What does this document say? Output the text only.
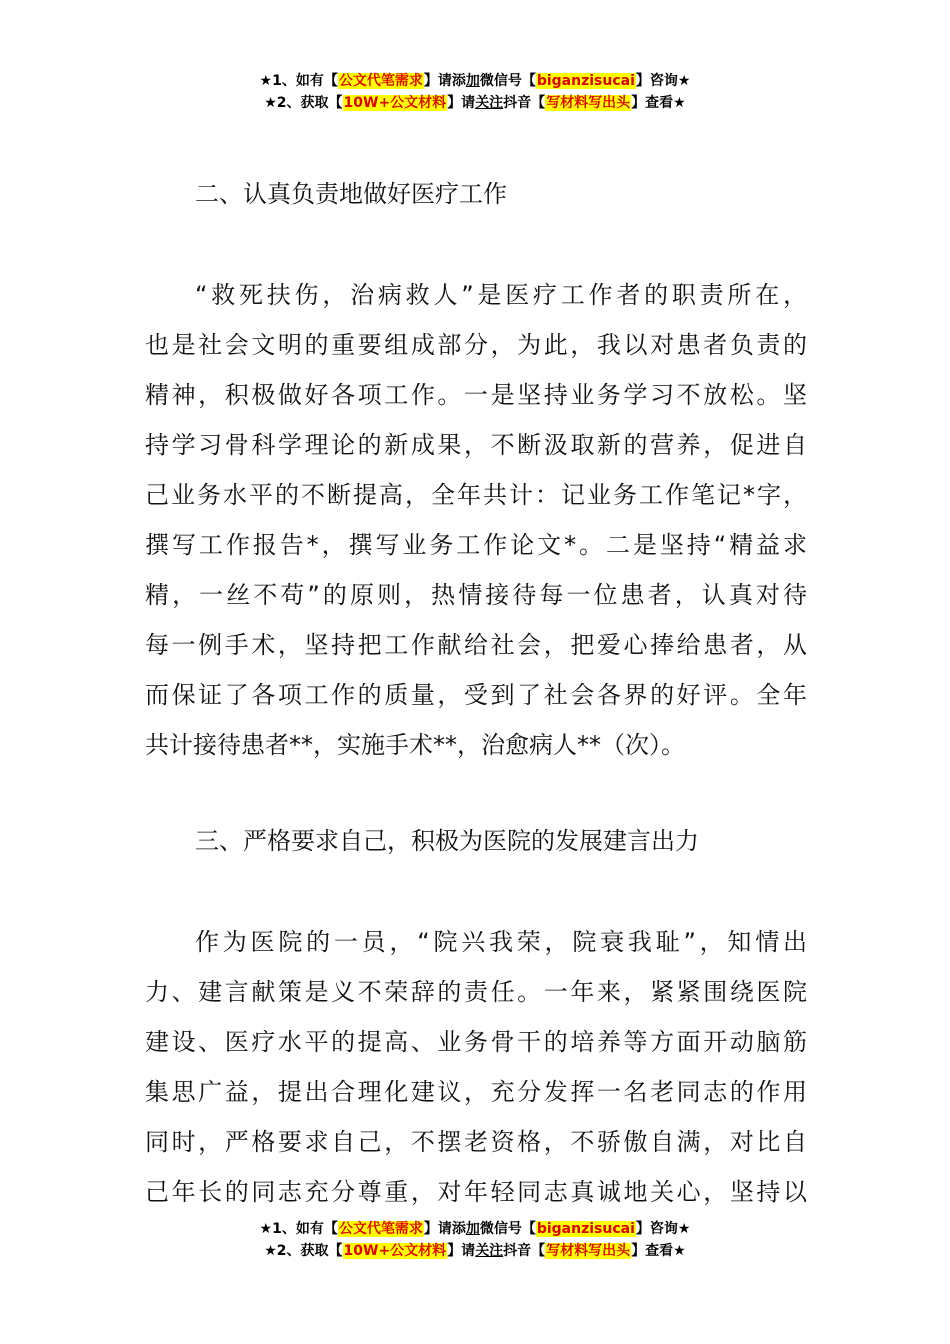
★1、如有【公文代笔需求】请添加微信号【biganzisucai】咨询★
★2、获取【10W+公文材料】请关注抖音【写材料写出头】查看★
二、认真负责地做好医疗工作
“救死扶伤，治病救人”是医疗工作者的职责所在，
也是社会文明的重要组成部分，为此，我以对患者负责的
精神，积极做好各项工作。一是坚持业务学习不放松。坚
持学习骨科学理论的新成果，不断汲取新的营养，促进自
己业务水平的不断提高，全年共计：记业务工作笔记*字，
撰写工作报告*，撰写业务工作论文*。二是坚持“精益求
精，一丝不苟”的原则，热情接待每一位患者，认真对待
每一例手术，坚持把工作献给社会，把爱心捧给患者，从
而保证了各项工作的质量，受到了社会各界的好评。全年
共计接待患者**，实施手术**，治愈病人**（次）。
三、严格要求自己，积极为医院的发展建言出力
作为医院的一员，“院兴我荣，院衰我耻”，知情出
力、建言献策是义不荣辞的责任。一年来，紧紧围绕医院
建设、医疗水平的提高、业务骨干的培养等方面开动脑筋
集思广益，提出合理化建议，充分发挥一名老同志的作用
同时，严格要求自己，不摆老资格，不骄傲自满，对比自
己年长的同志充分尊重，对年轻同志真诚地关心，坚持以
★1、如有【公文代笔需求】请添加微信号【biganzisucai】咨询★
★2、获取【10W+公文材料】请关注抖音【写材料写出头】查看★
